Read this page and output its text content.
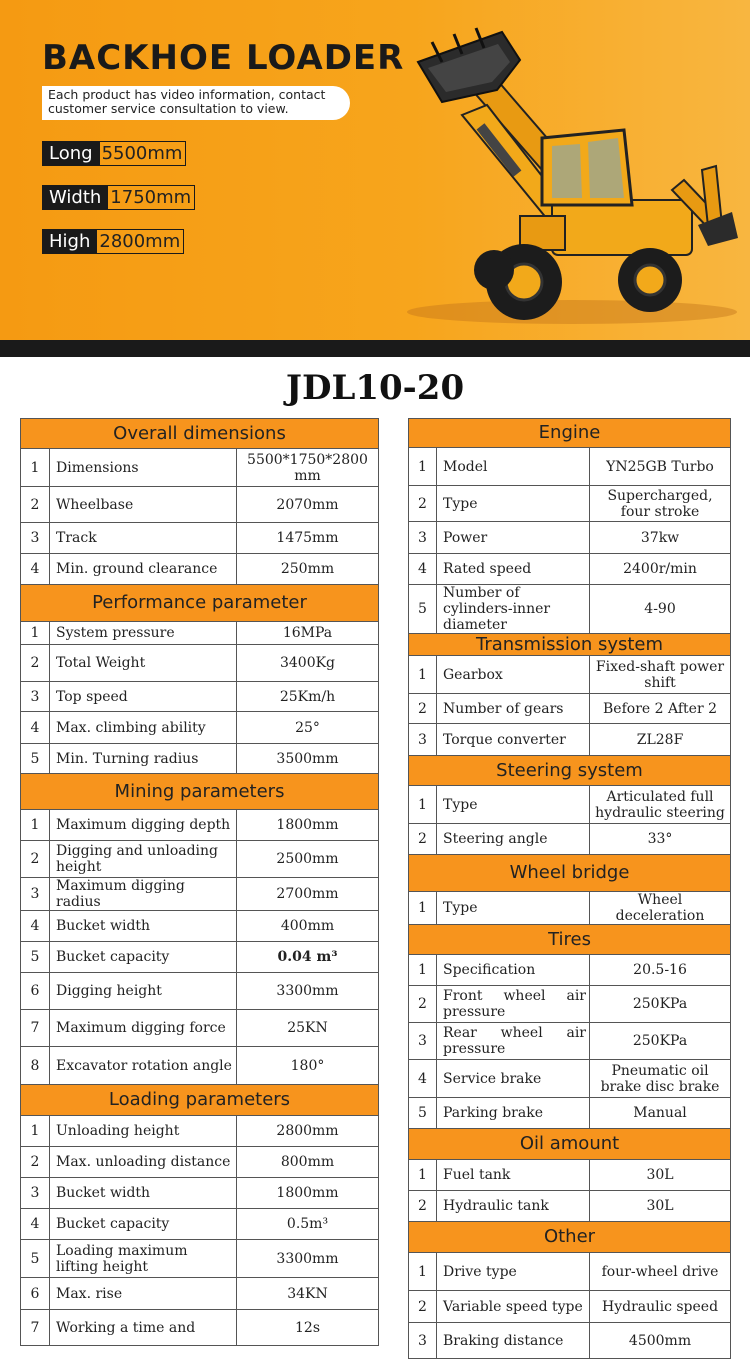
BACKHOE LOADER
Each product has video information, contact customer service consultation to view.
Long 5500mm
Width 1750mm
High 2800mm
JDL10-20
Overall dimensions		
1	Dimensions	5500*1750*2800 mm
2	Wheelbase	2070mm
3	Track	1475mm
4	Min. ground clearance	250mm
Performance parameter		
1	System pressure	16MPa
2	Total Weight	3400Kg
3	Top speed	25Km/h
4	Max. climbing ability	25°
5	Min. Turning radius	3500mm
Mining parameters		
1	Maximum digging depth	1800mm
2	Digging and unloading height	2500mm
3	Maximum digging radius	2700mm
4	Bucket width	400mm
5	Bucket capacity	0.04 m³
6	Digging height	3300mm
7	Maximum digging force	25KN
8	Excavator rotation angle	180°
Loading parameters		
1	Unloading height	2800mm
2	Max. unloading distance	800mm
3	Bucket width	1800mm
4	Bucket capacity	0.5m³
5	Loading maximum lifting height	3300mm
6	Max. rise	34KN
7	Working a time and	12s
Engine		
1	Model	YN25GB Turbo
2	Type	Supercharged, four stroke
3	Power	37kw
4	Rated speed	2400r/min
5	Number of cylinders-inner diameter	4-90
Transmission system		
1	Gearbox	Fixed-shaft power shift
2	Number of gears	Before 2 After 2
3	Torque converter	ZL28F
Steering system		
1	Type	Articulated full hydraulic steering
2	Steering angle	33°
Wheel bridge		
1	Type	Wheel deceleration
Tires		
1	Specification	20.5-16
2	Front wheel air pressure	250KPa
3	Rear wheel air pressure	250KPa
4	Service brake	Pneumatic oil brake disc brake
5	Parking brake	Manual
Oil amount		
1	Fuel tank	30L
2	Hydraulic tank	30L
Other		
1	Drive type	four-wheel drive
2	Variable speed type	Hydraulic speed
3	Braking distance	4500mm
